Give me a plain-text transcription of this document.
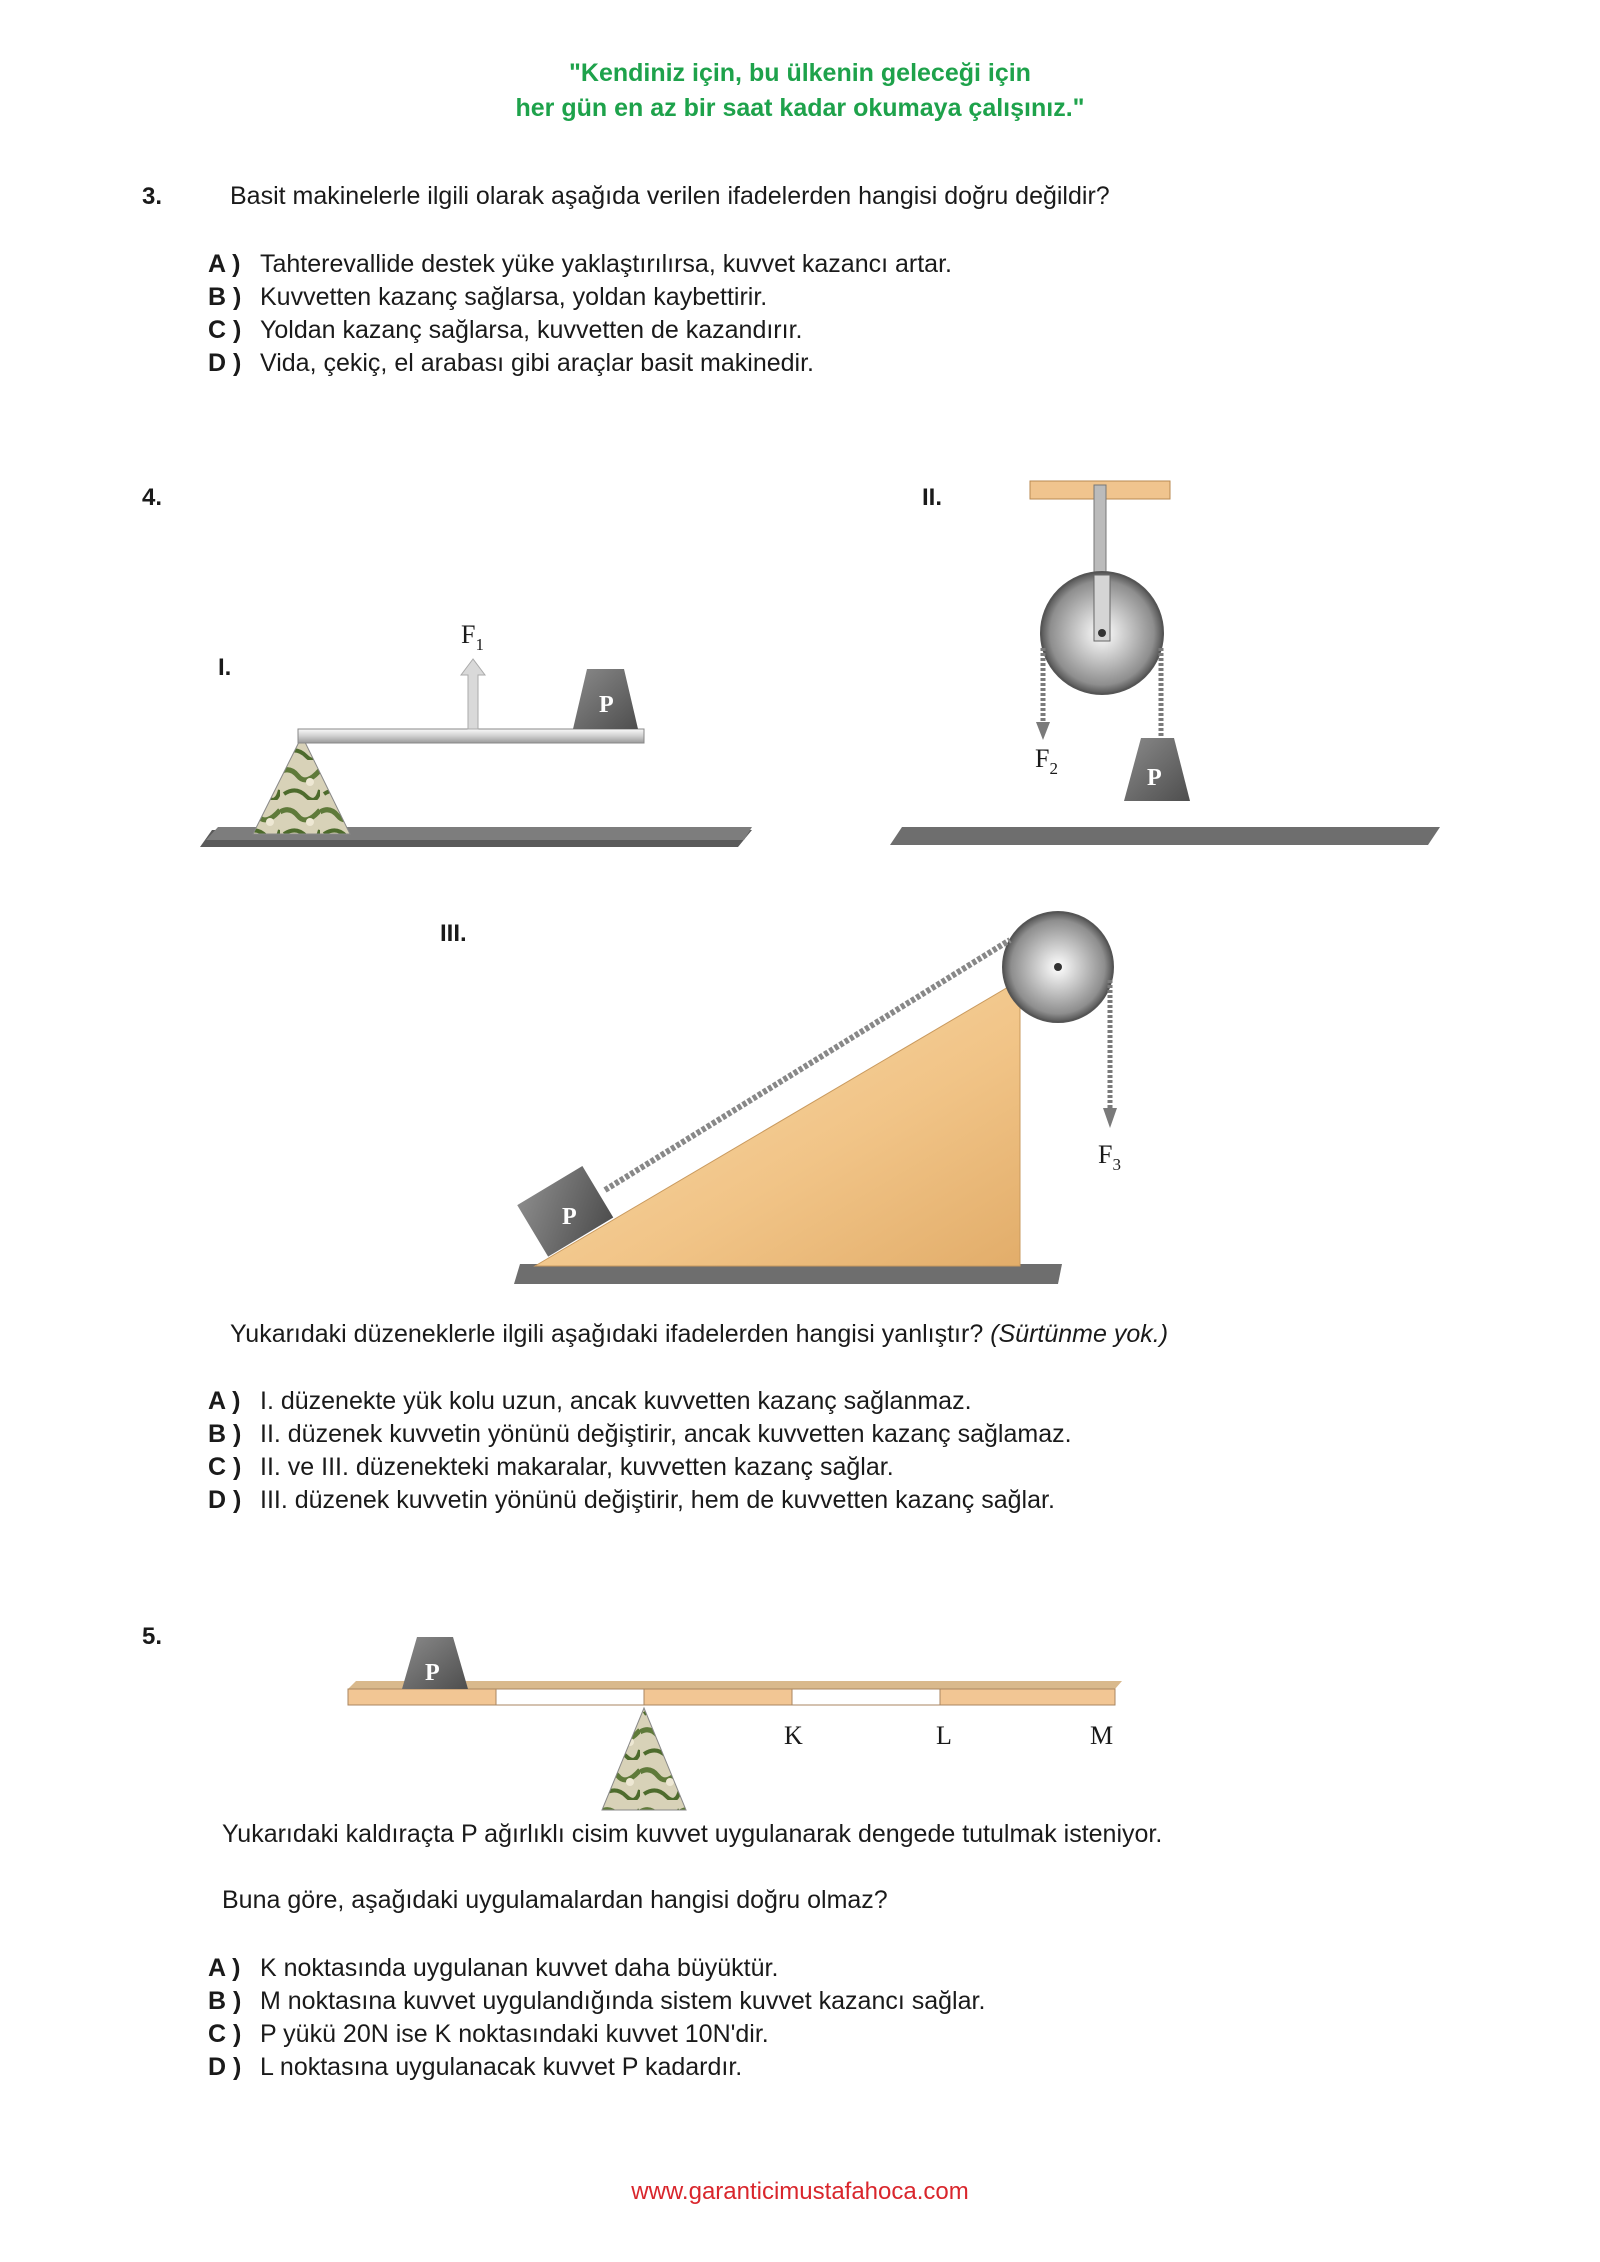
"Kendiniz için, bu ülkenin geleceği için
her gün en az bir saat kadar okumaya çalışınız."
3.	Basit makinelerle ilgili olarak aşağıda verilen ifadelerden hangisi doğru değildir?
A ) Tahterevallide destek yüke yaklaştırılırsa, kuvvet kazancı artar.
B ) Kuvvetten kazanç sağlarsa, yoldan kaybettirir.
C ) Yoldan kazanç sağlarsa, kuvvetten de kazandırır.
D ) Vida, çekiç, el arabası gibi araçlar basit makinedir.
4.
I.
II.
III.
P
$F_1$
P
$F_2$
P
$F_3$
P
K	L	M
Yukarıdaki düzeneklerle ilgili aşağıdaki ifadelerden hangisi yanlıştır? (Sürtünme yok.)
A ) I. düzenekte yük kolu uzun, ancak kuvvetten kazanç sağlanmaz.
B ) II. düzenek kuvvetin yönünü değiştirir, ancak kuvvetten kazanç sağlamaz.
C ) II. ve III. düzenekteki makaralar, kuvvetten kazanç sağlar.
D ) III. düzenek kuvvetin yönünü değiştirir, hem de kuvvetten kazanç sağlar.
5.
Yukarıdaki kaldıraçta P ağırlıklı cisim kuvvet uygulanarak dengede tutulmak isteniyor.
Buna göre, aşağıdaki uygulamalardan hangisi doğru olmaz?
A ) K noktasında uygulanan kuvvet daha büyüktür.
B ) M noktasına kuvvet uygulandığında sistem kuvvet kazancı sağlar.
C ) P yükü 20N ise K noktasındaki kuvvet 10N'dir.
D ) L noktasına uygulanacak kuvvet P kadardır.
www.garanticimustafahoca.com
